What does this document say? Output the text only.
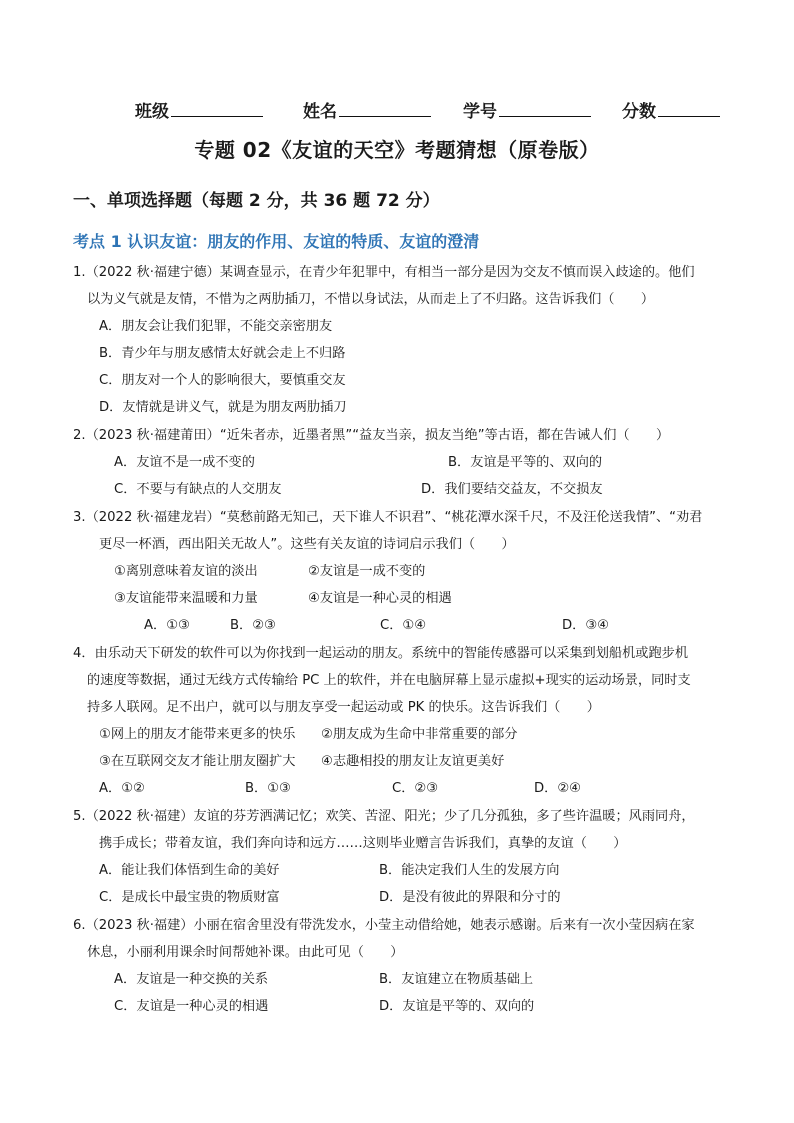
班级	姓名	学号	分数
专题 02《友谊的天空》考题猜想（原卷版）
一、单项选择题（每题 2 分，共 36 题 72 分）
考点 1 认识友谊：朋友的作用、友谊的特质、友谊的澄清
1.（2022 秋·福建宁德）某调查显示，在青少年犯罪中，有相当一部分是因为交友不慎而误入歧途的。他们
以为义气就是友情，不惜为之两肋插刀，不惜以身试法，从而走上了不归路。这告诉我们（　　）
A．朋友会让我们犯罪，不能交亲密朋友
B．青少年与朋友感情太好就会走上不归路
C．朋友对一个人的影响很大，要慎重交友
D．友情就是讲义气，就是为朋友两肋插刀
2.（2023 秋·福建莆田）“近朱者赤，近墨者黑”“益友当亲，损友当绝”等古语，都在告诫人们（　　）
A．友谊不是一成不变的	B．友谊是平等的、双向的
C．不要与有缺点的人交朋友	D．我们要结交益友，不交损友
3.（2022 秋·福建龙岩）“莫愁前路无知己，天下谁人不识君”、“桃花潭水深千尺，不及汪伦送我情”、“劝君
更尽一杯酒，西出阳关无故人”。这些有关友谊的诗词启示我们（　　）
①离别意味着友谊的淡出	②友谊是一成不变的
③友谊能带来温暖和力量	④友谊是一种心灵的相遇
A．①③	B．②③	C．①④	D．③④
4．由乐动天下研发的软件可以为你找到一起运动的朋友。系统中的智能传感器可以采集到划船机或跑步机
的速度等数据，通过无线方式传输给 PC 上的软件，并在电脑屏幕上显示虚拟+现实的运动场景，同时支
持多人联网。足不出户，就可以与朋友享受一起运动或 PK 的快乐。这告诉我们（　　）
①网上的朋友才能带来更多的快乐 ②朋友成为生命中非常重要的部分
③在互联网交友才能让朋友圈扩大 ④志趣相投的朋友让友谊更美好
A．①②	B．①③	C．②③	D．②④
5.（2022 秋·福建）友谊的芬芳洒满记忆；欢笑、苦涩、阳光；少了几分孤独，多了些许温暖；风雨同舟，
携手成长；带着友谊，我们奔向诗和远方……这则毕业赠言告诉我们，真挚的友谊（　　）
A．能让我们体悟到生命的美好	B．能决定我们人生的发展方向
C．是成长中最宝贵的物质财富	D．是没有彼此的界限和分寸的
6.（2023 秋·福建）小丽在宿舍里没有带洗发水，小莹主动借给她，她表示感谢。后来有一次小莹因病在家
休息，小丽利用课余时间帮她补课。由此可见（　　）
A．友谊是一种交换的关系	B．友谊建立在物质基础上
C．友谊是一种心灵的相遇	D．友谊是平等的、双向的
